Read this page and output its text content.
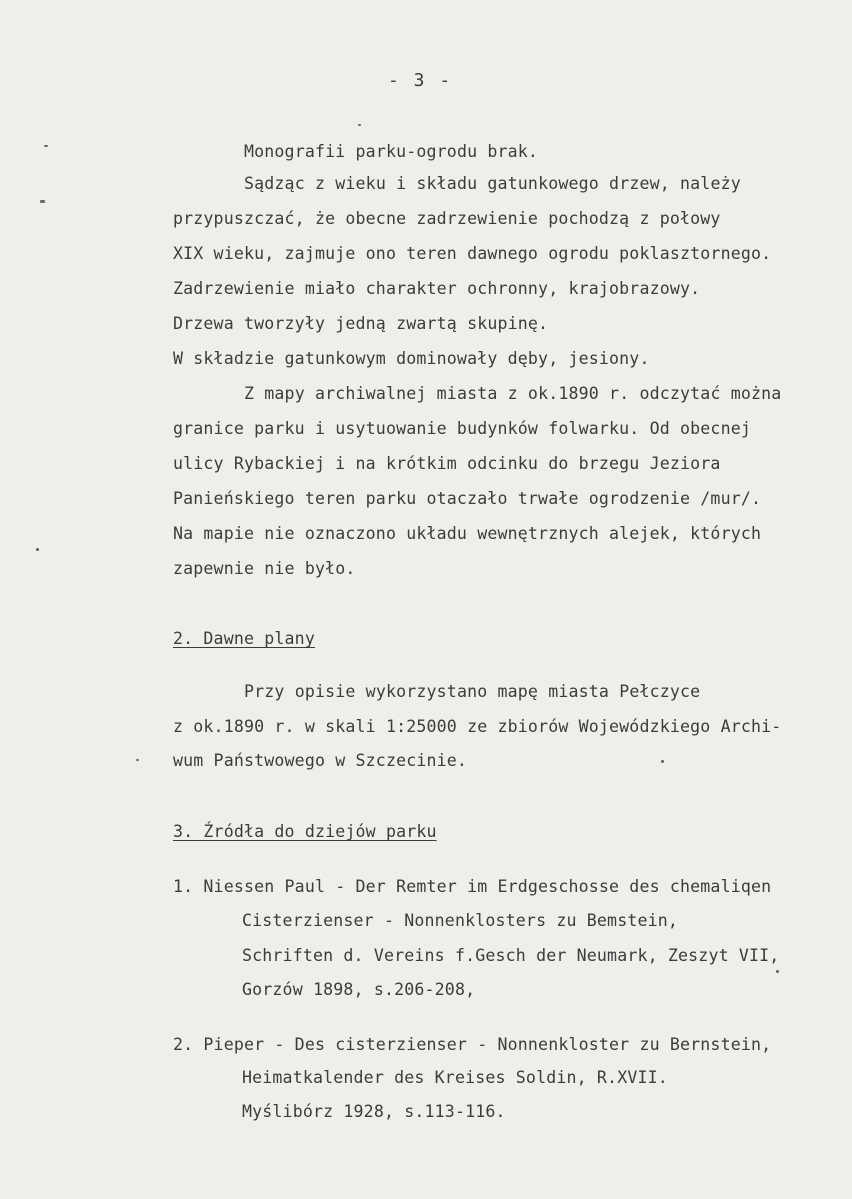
- 3 -
Monografii parku-ogrodu brak.
Sądząc z wieku i składu gatunkowego drzew, należy
przypuszczać, że obecne zadrzewienie pochodzą z połowy
XIX wieku, zajmuje ono teren dawnego ogrodu poklasztornego.
Zadrzewienie miało charakter ochronny, krajobrazowy.
Drzewa tworzyły jedną zwartą skupinę.
W składzie gatunkowym dominowały dęby, jesiony.
Z mapy archiwalnej miasta z ok.1890 r. odczytać można
granice parku i usytuowanie budynków folwarku. Od obecnej
ulicy Rybackiej i na krótkim odcinku do brzegu Jeziora
Panieńskiego teren parku otaczało trwałe ogrodzenie /mur/.
Na mapie nie oznaczono układu wewnętrznych alejek, których
zapewnie nie było.
2. Dawne plany
Przy opisie wykorzystano mapę miasta Pełczyce
z ok.1890 r. w skali 1:25000 ze zbiorów Wojewódzkiego Archi-
wum Państwowego w Szczecinie.
3. Źródła do dziejów parku
1. Niessen Paul - Der Remter im Erdgeschosse des chemaliqen
Cisterzienser - Nonnenklosters zu Bemstein,
Schriften d. Vereins f.Gesch der Neumark, Zeszyt VII,
Gorzów 1898, s.206-208,
2. Pieper - Des cisterzienser - Nonnenkloster zu Bernstein,
Heimatkalender des Kreises Soldin, R.XVII.
Myślibórz 1928, s.113-116.
